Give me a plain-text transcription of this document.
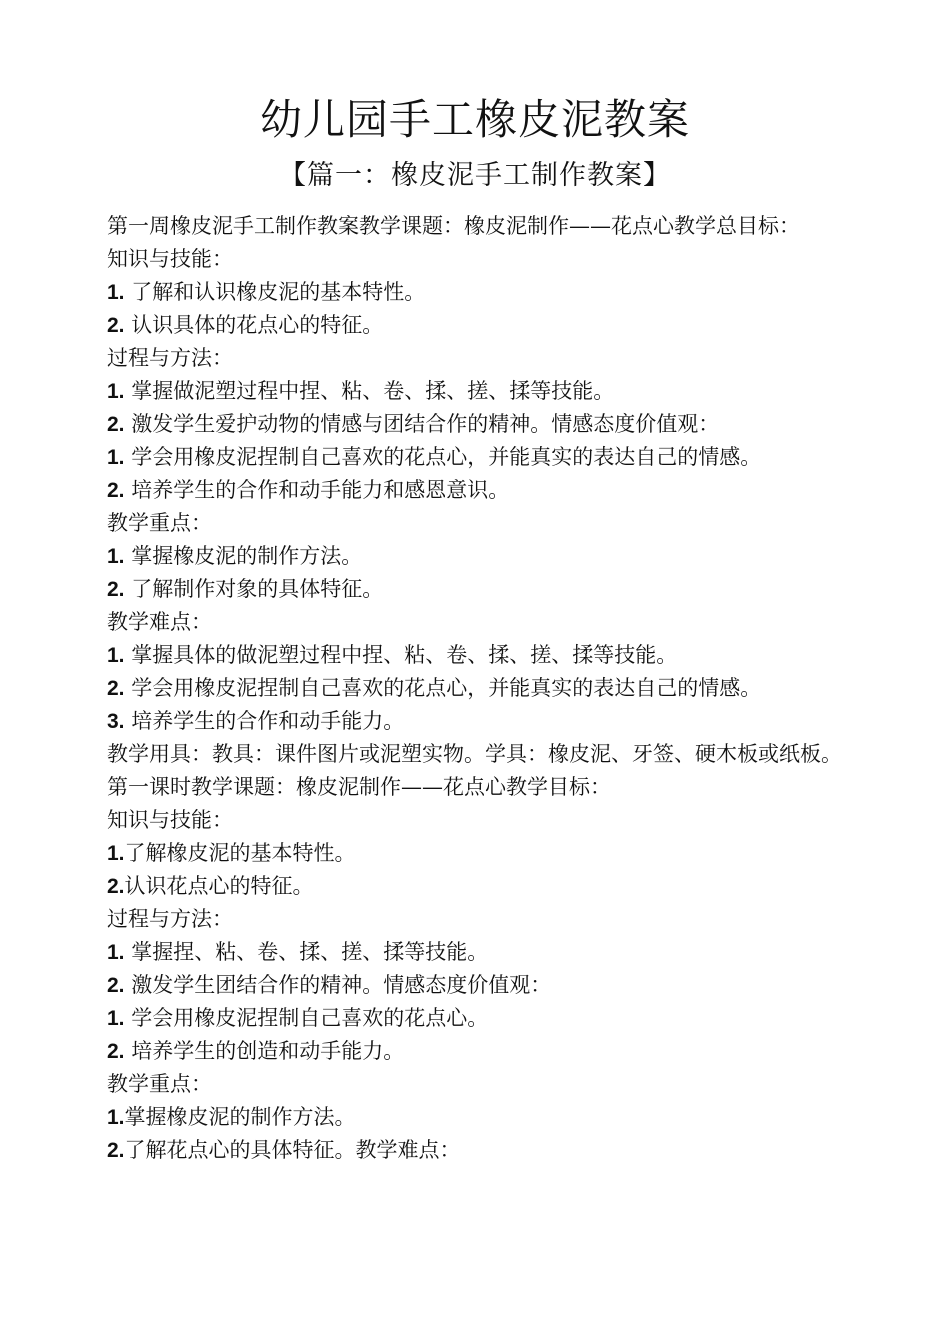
幼儿园手工橡皮泥教案
【篇一：橡皮泥手工制作教案】
第一周橡皮泥手工制作教案教学课题：橡皮泥制作——花点心教学总目标：
知识与技能：
1. 了解和认识橡皮泥的基本特性。
2. 认识具体的花点心的特征。
过程与方法：
1. 掌握做泥塑过程中捏、粘、卷、揉、搓、揉等技能。
2. 激发学生爱护动物的情感与团结合作的精神。情感态度价值观：
1. 学会用橡皮泥捏制自己喜欢的花点心，并能真实的表达自己的情感。
2. 培养学生的合作和动手能力和感恩意识。
教学重点：
1. 掌握橡皮泥的制作方法。
2. 了解制作对象的具体特征。
教学难点：
1. 掌握具体的做泥塑过程中捏、粘、卷、揉、搓、揉等技能。
2. 学会用橡皮泥捏制自己喜欢的花点心，并能真实的表达自己的情感。
3. 培养学生的合作和动手能力。
教学用具：教具：课件图片或泥塑实物。学具：橡皮泥、牙签、硬木板或纸板。
第一课时教学课题：橡皮泥制作——花点心教学目标：
知识与技能：
1.了解橡皮泥的基本特性。
2.认识花点心的特征。
过程与方法：
1. 掌握捏、粘、卷、揉、搓、揉等技能。
2. 激发学生团结合作的精神。情感态度价值观：
1. 学会用橡皮泥捏制自己喜欢的花点心。
2. 培养学生的创造和动手能力。
教学重点：
1.掌握橡皮泥的制作方法。
2.了解花点心的具体特征。教学难点：
